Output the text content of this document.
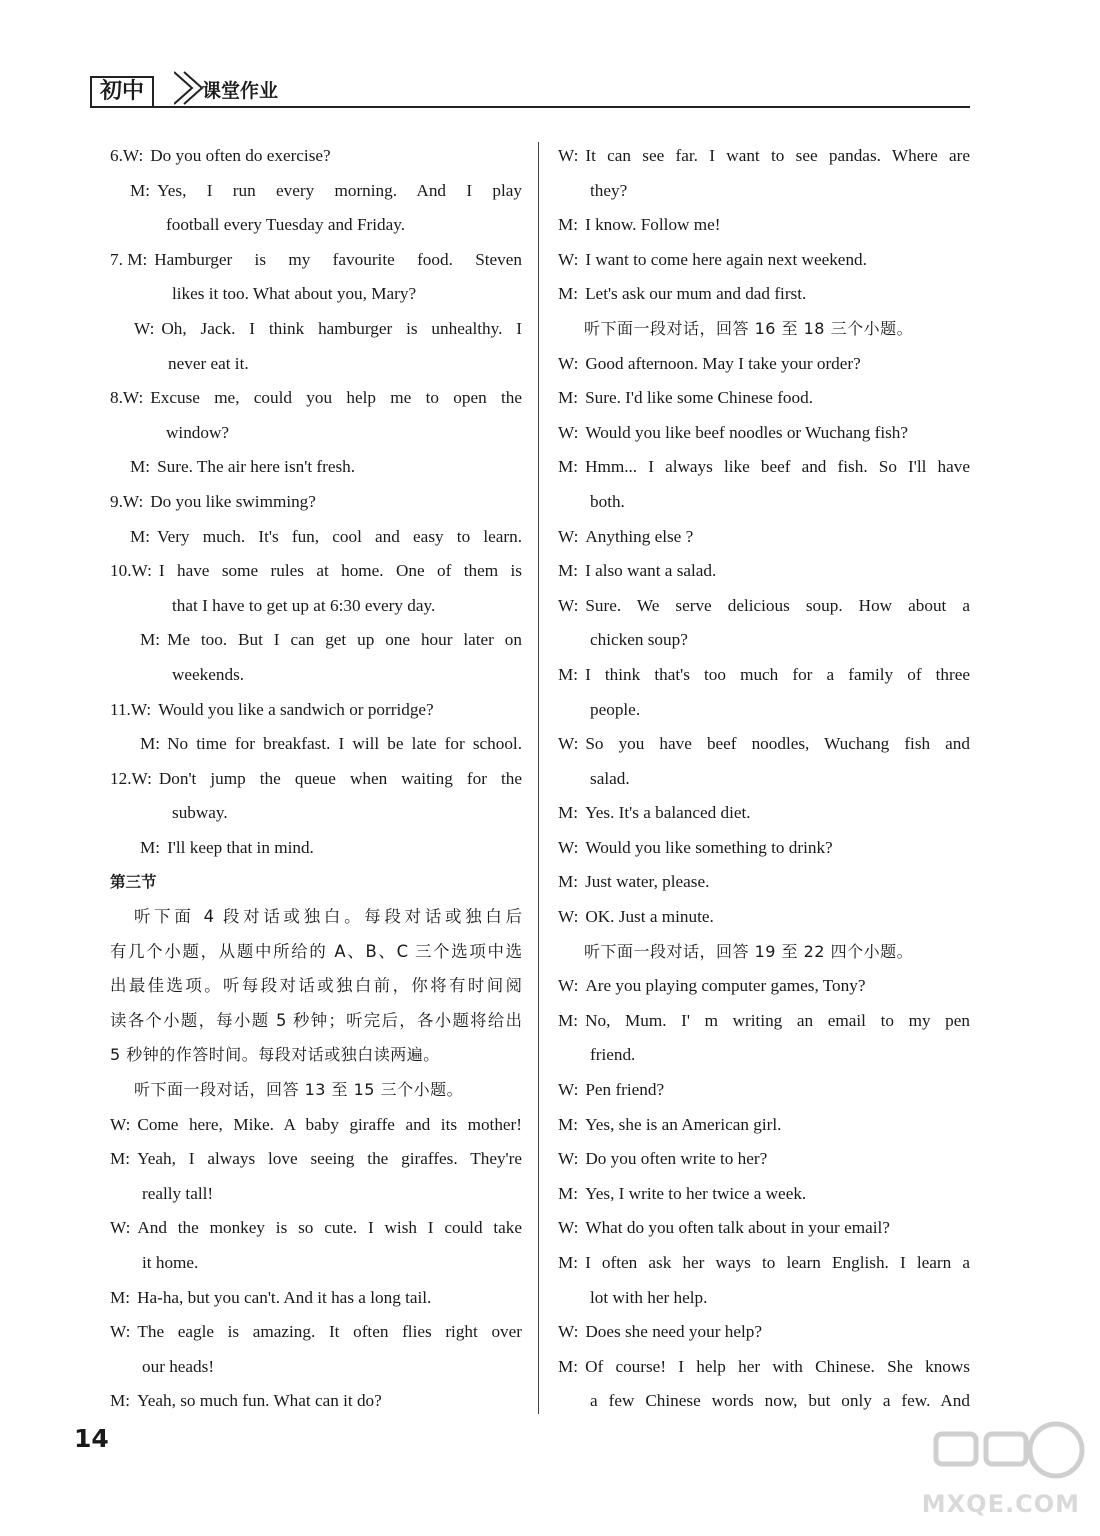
初中	课堂作业
6.W: Do you often do exercise?
M: Yes, I run every morning. And I play
football every Tuesday and Friday.
7. M: Hamburger is my favourite food. Steven
likes it too. What about you, Mary?
W: Oh, Jack. I think hamburger is unhealthy. I
never eat it.
8.W: Excuse me, could you help me to open the
window?
M: Sure. The air here isn't fresh.
9.W: Do you like swimming?
M: Very much. It's fun, cool and easy to learn.
10.W: I have some rules at home. One of them is
that I have to get up at 6:30 every day.
M: Me too. But I can get up one hour later on
weekends.
11.W: Would you like a sandwich or porridge?
M: No time for breakfast. I will be late for school.
12.W: Don't jump the queue when waiting for the
subway.
M: I'll keep that in mind.
第三节
听下面 4 段对话或独白。每段对话或独白后
有几个小题，从题中所给的 A、B、C 三个选项中选
出最佳选项。听每段对话或独白前，你将有时间阅
读各个小题，每小题 5 秒钟；听完后，各小题将给出
5 秒钟的作答时间。每段对话或独白读两遍。
听下面一段对话，回答 13 至 15 三个小题。
W: Come here, Mike. A baby giraffe and its mother!
M: Yeah, I always love seeing the giraffes. They're
really tall!
W: And the monkey is so cute. I wish I could take
it home.
M: Ha-ha, but you can't. And it has a long tail.
W: The eagle is amazing. It often flies right over
our heads!
M: Yeah, so much fun. What can it do?
W: It can see far. I want to see pandas. Where are
they?
M: I know. Follow me!
W: I want to come here again next weekend.
M: Let's ask our mum and dad first.
听下面一段对话，回答 16 至 18 三个小题。
W: Good afternoon. May I take your order?
M: Sure. I'd like some Chinese food.
W: Would you like beef noodles or Wuchang fish?
M: Hmm... I always like beef and fish. So I'll have
both.
W: Anything else ?
M: I also want a salad.
W: Sure. We serve delicious soup. How about a
chicken soup?
M: I think that's too much for a family of three
people.
W: So you have beef noodles, Wuchang fish and
salad.
M: Yes. It's a balanced diet.
W: Would you like something to drink?
M: Just water, please.
W: OK. Just a minute.
听下面一段对话，回答 19 至 22 四个小题。
W: Are you playing computer games, Tony?
M: No, Mum. I' m writing an email to my pen
friend.
W: Pen friend?
M: Yes, she is an American girl.
W: Do you often write to her?
M: Yes, I write to her twice a week.
W: What do you often talk about in your email?
M: I often ask her ways to learn English. I learn a
lot with her help.
W: Does she need your help?
M: Of course! I help her with Chinese. She knows
a few Chinese words now, but only a few. And
14
MXQE.COM
